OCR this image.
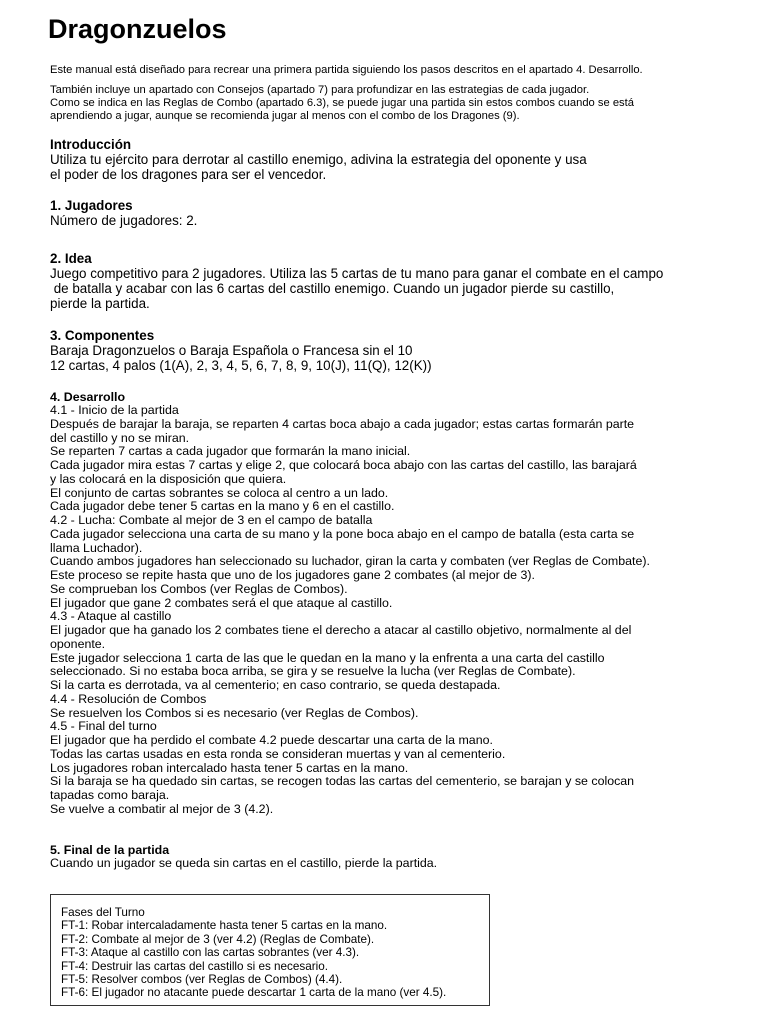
Dragonzuelos

Este manual está diseñado para recrear una primera partida siguiendo los pasos descritos en el apartado 4. Desarrollo.

También incluye un apartado con Consejos (apartado 7) para profundizar en las estrategias de cada jugador.
Como se indica en las Reglas de Combo (apartado 6.3), se puede jugar una partida sin estos combos cuando se está
aprendiendo a jugar, aunque se recomienda jugar al menos con el combo de los Dragones (9).

Introducción
Utiliza tu ejército para derrotar al castillo enemigo, adivina la estrategia del oponente y usa
el poder de los dragones para ser el vencedor.
1. Jugadores
Número de jugadores: 2.
2. Idea
Juego competitivo para 2 jugadores. Utiliza las 5 cartas de tu mano para ganar el combate en el campo
de batalla y acabar con las 6 cartas del castillo enemigo. Cuando un jugador pierde su castillo,
pierde la partida.
3. Componentes
Baraja Dragonzuelos o Baraja Española o Francesa sin el 10
12 cartas, 4 palos (1(A), 2, 3, 4, 5, 6, 7, 8, 9, 10(J), 11(Q), 12(K))
4. Desarrollo
4.1 - Inicio de la partida
Después de barajar la baraja, se reparten 4 cartas boca abajo a cada jugador; estas cartas formarán parte
del castillo y no se miran.
Se reparten 7 cartas a cada jugador que formarán la mano inicial.
Cada jugador mira estas 7 cartas y elige 2, que colocará boca abajo con las cartas del castillo, las barajará
y las colocará en la disposición que quiera.
El conjunto de cartas sobrantes se coloca al centro a un lado.
Cada jugador debe tener 5 cartas en la mano y 6 en el castillo.
4.2 - Lucha: Combate al mejor de 3 en el campo de batalla
Cada jugador selecciona una carta de su mano y la pone boca abajo en el campo de batalla (esta carta se
llama Luchador).
Cuando ambos jugadores han seleccionado su luchador, giran la carta y combaten (ver Reglas de Combate).
Este proceso se repite hasta que uno de los jugadores gane 2 combates (al mejor de 3).
Se comprueban los Combos (ver Reglas de Combos).
El jugador que gane 2 combates será el que ataque al castillo.
4.3 - Ataque al castillo
El jugador que ha ganado los 2 combates tiene el derecho a atacar al castillo objetivo, normalmente al del
oponente.
Este jugador selecciona 1 carta de las que le quedan en la mano y la enfrenta a una carta del castillo
seleccionado. Si no estaba boca arriba, se gira y se resuelve la lucha (ver Reglas de Combate).
Si la carta es derrotada, va al cementerio; en caso contrario, se queda destapada.
4.4 - Resolución de Combos
Se resuelven los Combos si es necesario (ver Reglas de Combos).
4.5 - Final del turno
El jugador que ha perdido el combate 4.2 puede descartar una carta de la mano.
Todas las cartas usadas en esta ronda se consideran muertas y van al cementerio.
Los jugadores roban intercalado hasta tener 5 cartas en la mano.
Si la baraja se ha quedado sin cartas, se recogen todas las cartas del cementerio, se barajan y se colocan
tapadas como baraja.
Se vuelve a combatir al mejor de 3 (4.2).
5. Final de la partida
Cuando un jugador se queda sin cartas en el castillo, pierde la partida.
Fases del Turno
FT-1: Robar intercaladamente hasta tener 5 cartas en la mano.
FT-2: Combate al mejor de 3 (ver 4.2) (Reglas de Combate).
FT-3: Ataque al castillo con las cartas sobrantes (ver 4.3).
FT-4: Destruir las cartas del castillo si es necesario.
FT-5: Resolver combos (ver Reglas de Combos) (4.4).
FT-6: El jugador no atacante puede descartar 1 carta de la mano (ver 4.5).
